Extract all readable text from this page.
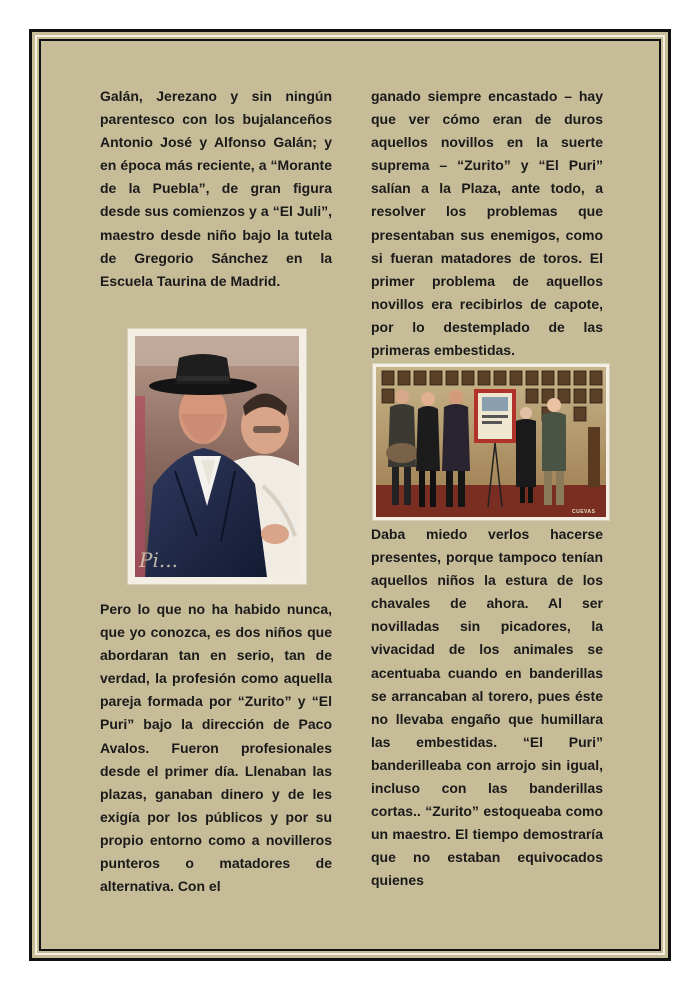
Galán, Jerezano y sin ningún parentesco con los bujalanceños Antonio José y Alfonso Galán; y en época más reciente, a “Morante de la Puebla”, de gran figura desde sus comienzos y a “El Juli”, maestro desde niño bajo la tutela de Gregorio Sánchez en la Escuela Taurina de Madrid.

Pi...

Pero lo que no ha habido nunca, que yo conozca, es dos niños que abordaran tan en serio, tan de verdad, la profesión como aquella pareja formada por “Zurito” y “El Puri” bajo la dirección de Paco Avalos. Fueron profesionales desde el primer día. Llenaban las plazas, ganaban dinero y de les exigía por los públicos y por su propio entorno como a novilleros punteros o matadores de alternativa. Con el

ganado siempre encastado – hay que ver cómo eran de duros aquellos novillos en la suerte suprema – “Zurito” y “El Puri” salían a la Plaza, ante todo, a resolver los problemas que presentaban sus enemigos, como si fueran matadores de toros. El primer problema de aquellos novillos era recibirlos de capote, por lo destemplado de las primeras embestidas.

CUEVAS

Daba miedo verlos hacerse presentes, porque tampoco tenían aquellos niños la estura de los chavales de ahora. Al ser novilladas sin picadores, la vivacidad de los animales se acentuaba cuando en banderillas se arrancaban al torero, pues éste no llevaba engaño que humillara las embestidas. “El Puri” banderilleaba con arrojo sin igual, incluso con las banderillas cortas.. “Zurito” estoqueaba como un maestro. El tiempo demostraría que no estaban equivocados quienes
